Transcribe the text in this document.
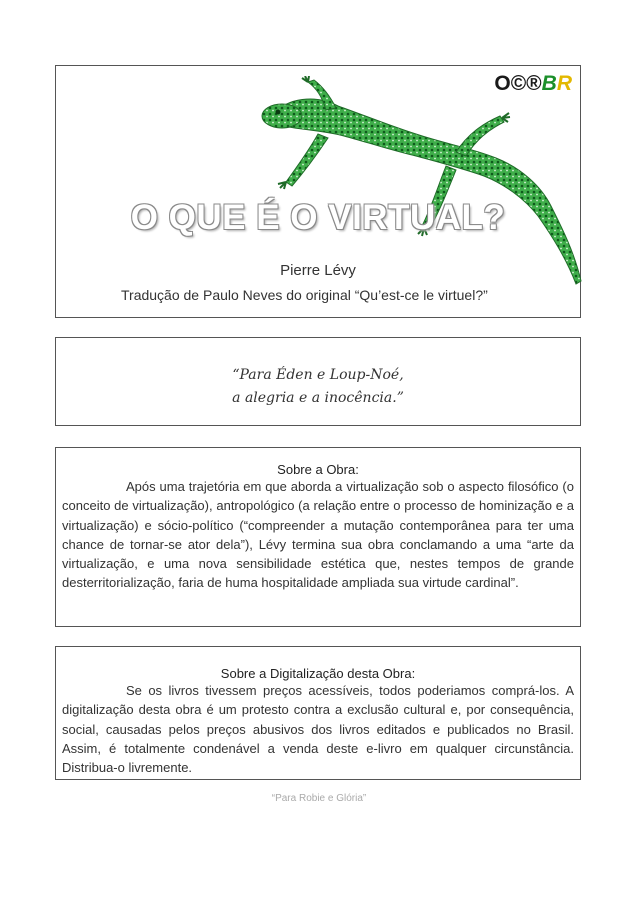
O©®BR
O QUE É O VIRTUAL?
Pierre Lévy
Tradução de Paulo Neves do original “Qu’est-ce le virtuel?”
“Para Éden e Loup-Noé,
a alegria e a inocência.”
Sobre a Obra:

Após uma trajetória em que aborda a virtualização sob o aspecto filosófico (o conceito de virtualização), antropológico (a relação entre o processo de hominização e a virtualização) e sócio-político (“compreender a mutação contemporânea para ter uma chance de tornar-se ator dela”), Lévy termina sua obra conclamando a uma “arte da virtualização, e uma nova sensibilidade estética que, nestes tempos de grande desterritorialização, faria de huma hospitalidade ampliada sua virtude cardinal”.

Sobre a Digitalização desta Obra:

Se os livros tivessem preços acessíveis, todos poderiamos comprá-los. A digitalização desta obra é um protesto contra a exclusão cultural e, por consequência, social, causadas pelos preços abusivos dos livros editados e publicados no Brasil. Assim, é totalmente condenável a venda deste e-livro em qualquer circunstância. Distribua-o livremente.

“Para Robie e Glória”
